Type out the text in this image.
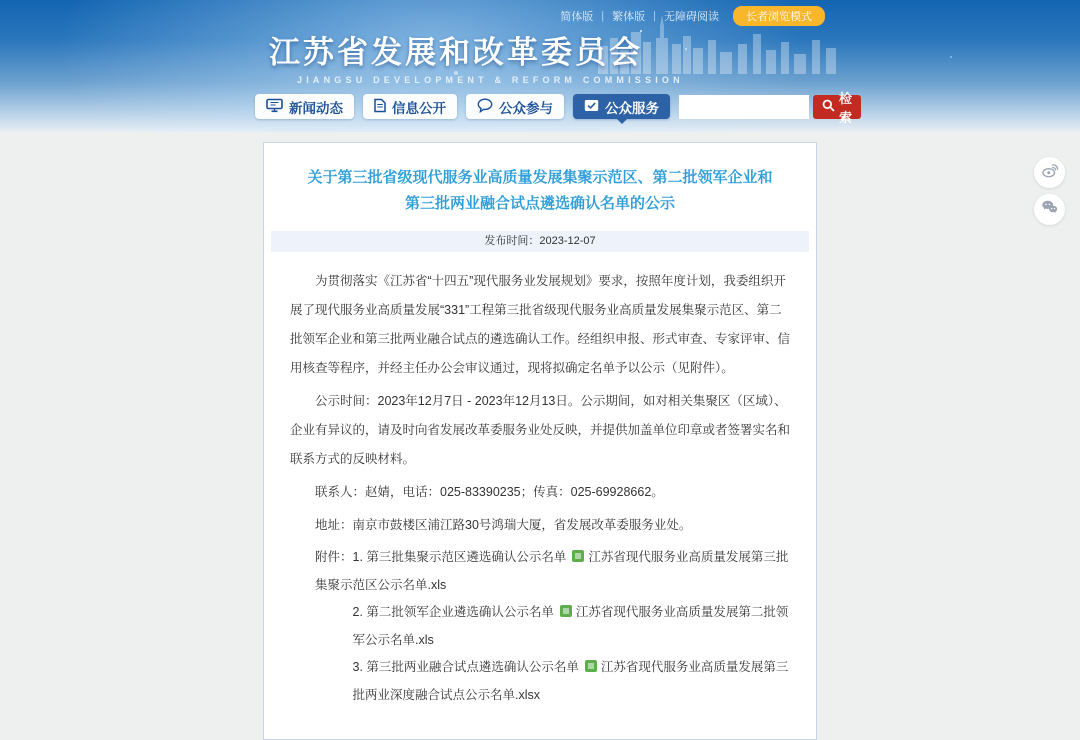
简体版 | 繁体版 | 无障碍阅读	长者浏览模式
江苏省发展和改革委员会
JIANGSU DEVELOPMENT & REFORM COMMISSION
新闻动态	信息公开	公众参与	公众服务
检索
关于第三批省级现代服务业高质量发展集聚示范区、第二批领军企业和
第三批两业融合试点遴选确认名单的公示
发布时间：2023-12-07

为贯彻落实《江苏省“十四五”现代服务业发展规划》要求，按照年度计划，我委组织开展了现代服务业高质量发展“331”工程第三批省级现代服务业高质量发展集聚示范区、第二批领军企业和第三批两业融合试点的遴选确认工作。经组织申报、形式审查、专家评审、信用核查等程序，并经主任办公会审议通过，现将拟确定名单予以公示（见附件）。

公示时间：2023年12月7日 - 2023年12月13日。公示期间，如对相关集聚区（区域）、企业有异议的，请及时向省发展改革委服务业处反映，并提供加盖单位印章或者签署实名和联系方式的反映材料。

联系人：赵婧，电话：025-83390235；传真：025-69928662。

地址：南京市鼓楼区浦江路30号鸿瑞大厦，省发展改革委服务业处。

附件：1. 第三批集聚示范区遴选确认公示名单 江苏省现代服务业高质量发展第三批集聚示范区公示名单.xls
2. 第二批领军企业遴选确认公示名单 江苏省现代服务业高质量发展第二批领军公示名单.xls
3. 第三批两业融合试点遴选确认公示名单 江苏省现代服务业高质量发展第三批两业深度融合试点公示名单.xlsx
